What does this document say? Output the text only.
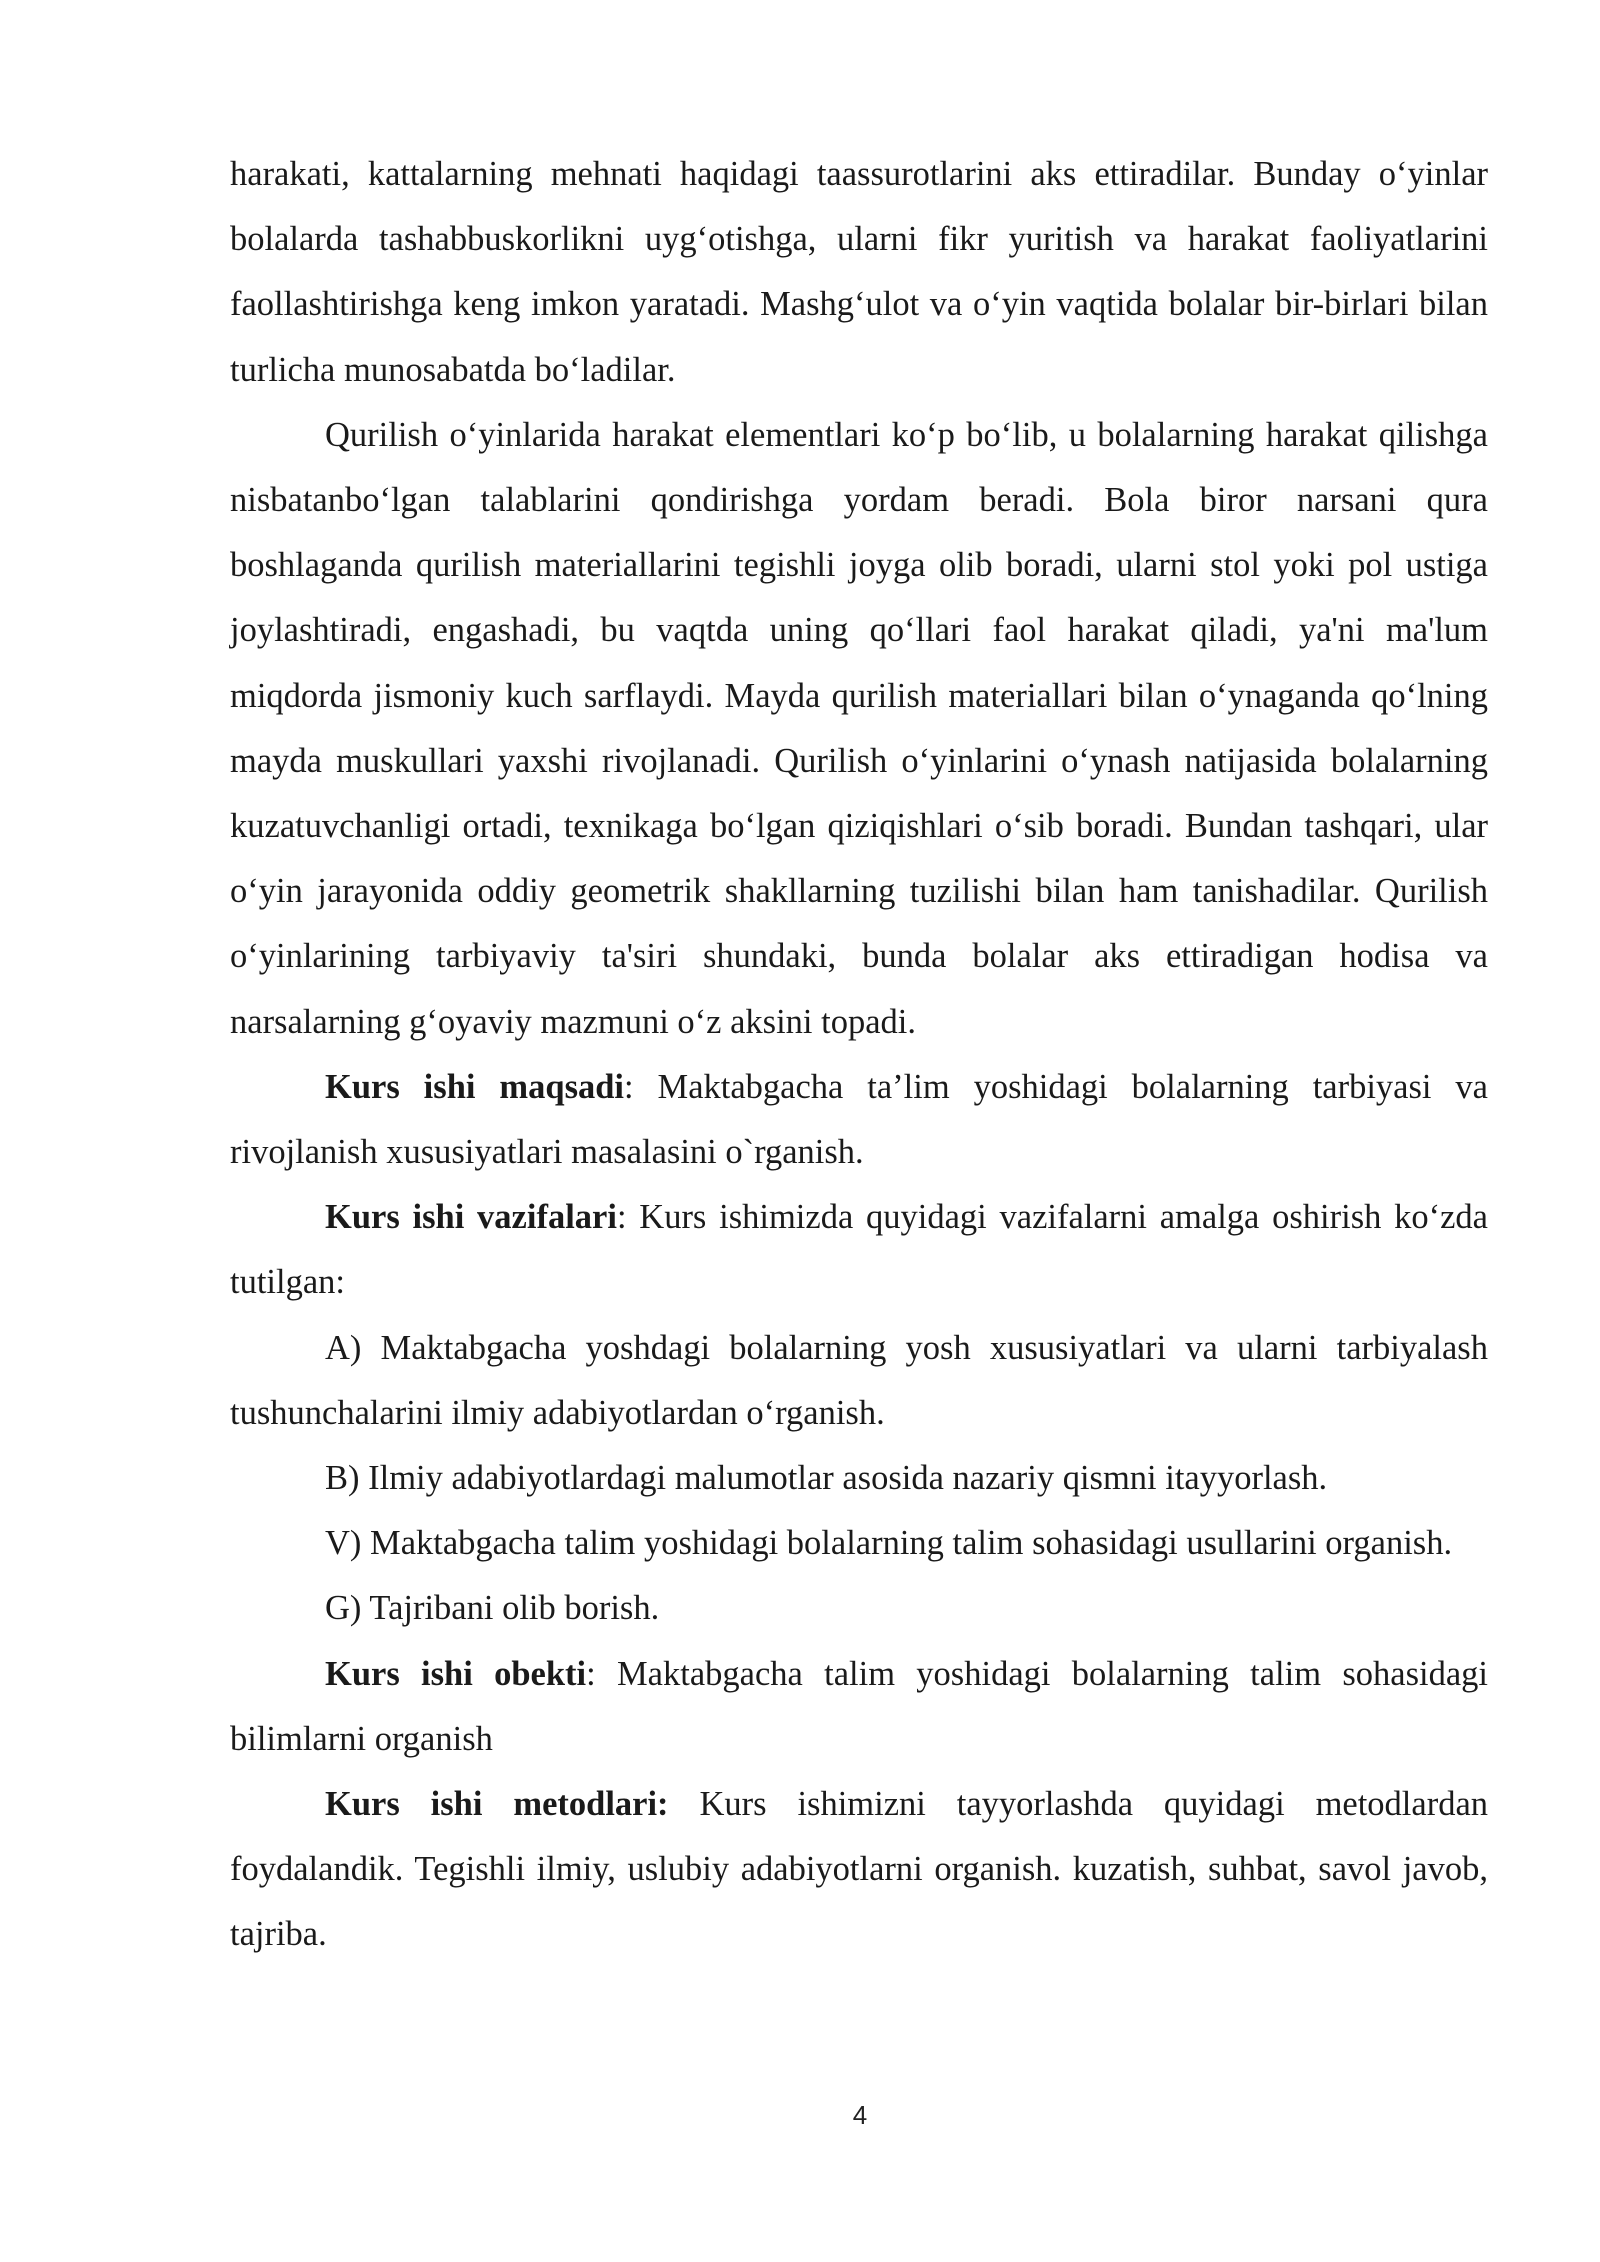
harakati, kattalarning mehnati haqidagi taassurotlarini aks ettiradilar. Bunday o‘yinlar bolalarda tashabbuskorlikni uyg‘otishga, ularni fikr yuritish va harakat faoliyatlarini faollashtirishga keng imkon yaratadi. Mashg‘ulot va o‘yin vaqtida bolalar bir-birlari bilan turlicha munosabatda bo‘ladilar.

Qurilish o‘yinlarida harakat elementlari ko‘p bo‘lib, u bolalarning harakat qilishga nisbatanbo‘lgan talablarini qondirishga yordam beradi. Bola biror narsani qura boshlaganda qurilish materiallarini tegishli joyga olib boradi, ularni stol yoki pol ustiga joylashtiradi, engashadi, bu vaqtda uning qo‘llari faol harakat qiladi, ya'ni ma'lum miqdorda jismoniy kuch sarflaydi. Mayda qurilish materiallari bilan o‘ynaganda qo‘lning mayda muskullari yaxshi rivojlanadi. Qurilish o‘yinlarini o‘ynash natijasida bolalarning kuzatuvchanligi ortadi, texnikaga bo‘lgan qiziqishlari o‘sib boradi. Bundan tashqari, ular o‘yin jarayonida oddiy geometrik shakllarning tuzilishi bilan ham tanishadilar. Qurilish o‘yinlarining tarbiyaviy ta'siri shundaki, bunda bolalar aks ettiradigan hodisa va narsalarning g‘oyaviy mazmuni o‘z aksini topadi.

Kurs ishi maqsadi: Maktabgacha ta’lim yoshidagi bolalarning tarbiyasi va rivojlanish xususiyatlari masalasini o`rganish.

Kurs ishi vazifalari: Kurs ishimizda quyidagi vazifalarni amalga oshirish ko‘zda tutilgan:

A) Maktabgacha yoshdagi bolalarning yosh xususiyatlari va ularni tarbiyalash tushunchalarini ilmiy adabiyotlardan o‘rganish.

B) Ilmiy adabiyotlardagi malumotlar asosida nazariy qismni itayyorlash.

V) Maktabgacha talim yoshidagi bolalarning talim sohasidagi usullarini organish.

G) Tajribani olib borish.

Kurs ishi obekti: Maktabgacha talim yoshidagi bolalarning talim sohasidagi bilimlarni organish

Kurs ishi metodlari: Kurs ishimizni tayyorlashda quyidagi metodlardan foydalandik. Tegishli ilmiy, uslubiy adabiyotlarni organish. kuzatish, suhbat, savol javob, tajriba.

4
